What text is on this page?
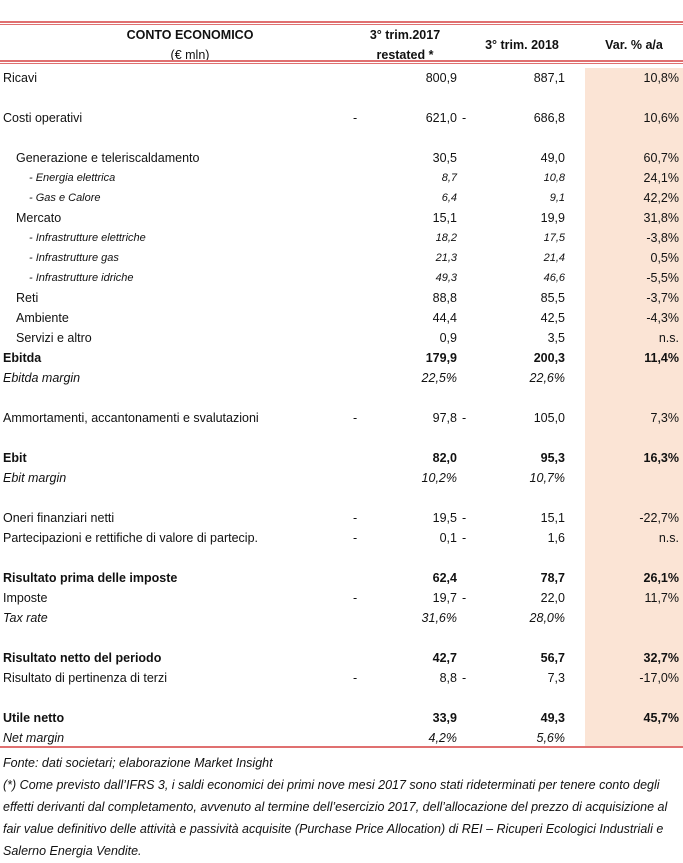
CONTO ECONOMICO
(€ mln)
3° trim.2017
restated *
3° trim. 2018	Var. % a/a
Ricavi	800,9	887,1	10,8%
Costi operativi	-	621,0 -	686,8	10,6%
Generazione e teleriscaldamento	30,5	49,0	60,7%
- Energia elettrica	8,7	10,8	24,1%
- Gas e Calore	6,4	9,1	42,2%
Mercato	15,1	19,9	31,8%
- Infrastrutture elettriche	18,2	17,5	-3,8%
- Infrastrutture gas	21,3	21,4	0,5%
- Infrastrutture idriche	49,3	46,6	-5,5%
Reti	88,8	85,5	-3,7%
Ambiente	44,4	42,5	-4,3%
Servizi e altro	0,9	3,5	n.s.
Ebitda	179,9	200,3	11,4%
Ebitda margin	22,5%	22,6%
Ammortamenti, accantonamenti e svalutazioni	-	97,8 -	105,0	7,3%
Ebit	82,0	95,3	16,3%
Ebit margin	10,2%	10,7%
Oneri finanziari netti	-	19,5 -	15,1	-22,7%
Partecipazioni e rettifiche di valore di partecip.	-	0,1 -	1,6	n.s.
Risultato prima delle imposte	62,4	78,7	26,1%
Imposte	-	19,7 -	22,0	11,7%
Tax rate	31,6%	28,0%
Risultato netto del periodo	42,7	56,7	32,7%
Risultato di pertinenza di terzi	-	8,8 -	7,3	-17,0%
Utile netto	33,9	49,3	45,7%
Net margin	4,2%	5,6%
Fonte: dati societari; elaborazione Market Insight
(*) Come previsto dall’IFRS 3, i saldi economici dei primi nove mesi 2017 sono stati rideterminati per tenere conto degli effetti derivanti dal completamento, avvenuto al termine dell’esercizio 2017, dell’allocazione del prezzo di acquisizione al fair value definitivo delle attività e passività acquisite (Purchase Price Allocation) di REI – Ricuperi Ecologici Industriali e Salerno Energia Vendite.
